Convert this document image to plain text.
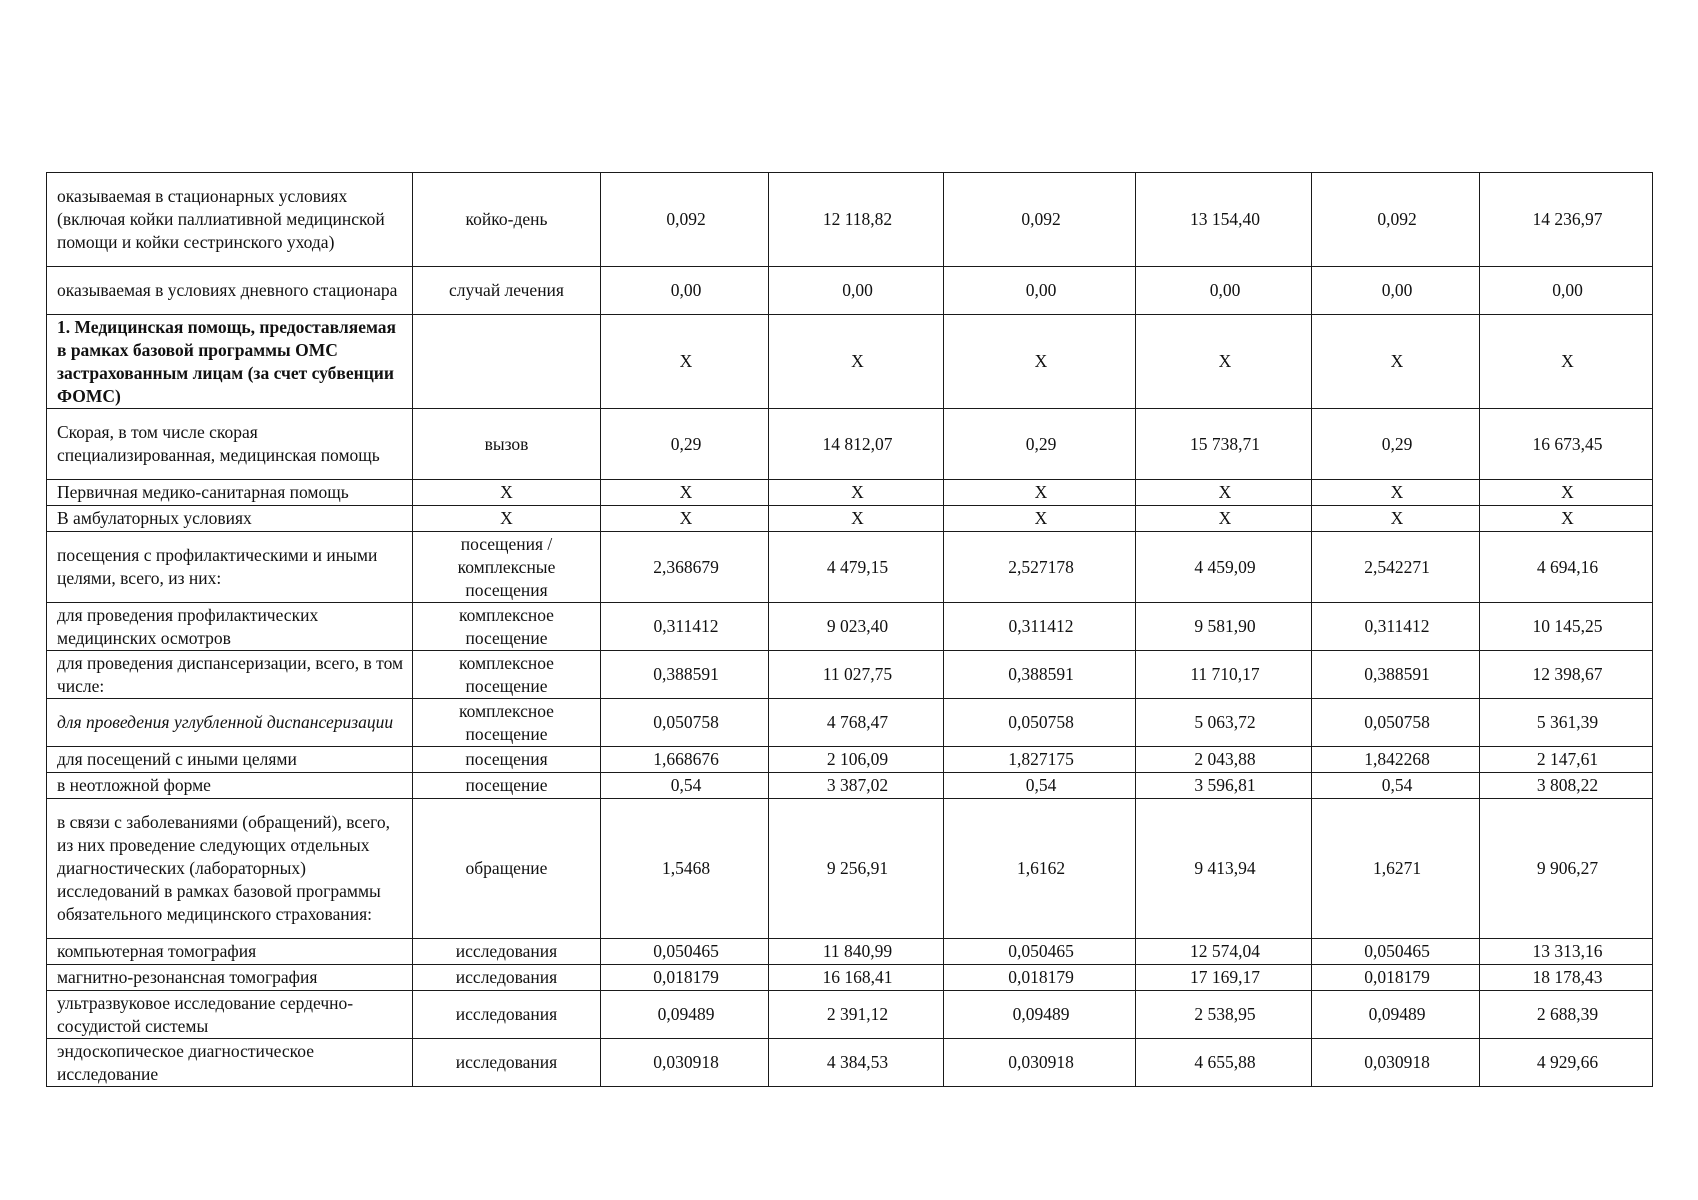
оказываемая в стационарных условиях (включая койки паллиативной медицинской помощи и койки сестринского ухода)	койко-день	0,092	12 118,82	0,092	13 154,40	0,092	14 236,97
оказываемая в условиях дневного стационара	случай лечения	0,00	0,00	0,00	0,00	0,00	0,00
1. Медицинская помощь, предоставляемая в рамках базовой программы ОМС застрахованным лицам (за счет субвенции ФОМС)		X	X	X	X	X	X
Скорая, в том числе скорая специализированная, медицинская помощь	вызов	0,29	14 812,07	0,29	15 738,71	0,29	16 673,45
Первичная медико-санитарная помощь	X	X	X	X	X	X	X
В амбулаторных условиях	X	X	X	X	X	X	X
посещения с профилактическими и иными целями, всего, из них:	посещения / комплексные посещения	2,368679	4 479,15	2,527178	4 459,09	2,542271	4 694,16
для проведения профилактических медицинских осмотров	комплексное посещение	0,311412	9 023,40	0,311412	9 581,90	0,311412	10 145,25
для проведения диспансеризации, всего, в том числе:	комплексное посещение	0,388591	11 027,75	0,388591	11 710,17	0,388591	12 398,67
для проведения углубленной диспансеризации	комплексное посещение	0,050758	4 768,47	0,050758	5 063,72	0,050758	5 361,39
для посещений с иными целями	посещения	1,668676	2 106,09	1,827175	2 043,88	1,842268	2 147,61
в неотложной форме	посещение	0,54	3 387,02	0,54	3 596,81	0,54	3 808,22
в связи с заболеваниями (обращений), всего, из них проведение следующих отдельных диагностических (лабораторных) исследований в рамках базовой программы обязательного медицинского страхования:	обращение	1,5468	9 256,91	1,6162	9 413,94	1,6271	9 906,27
компьютерная томография	исследования	0,050465	11 840,99	0,050465	12 574,04	0,050465	13 313,16
магнитно-резонансная томография	исследования	0,018179	16 168,41	0,018179	17 169,17	0,018179	18 178,43
ультразвуковое исследование сердечно-сосудистой системы	исследования	0,09489	2 391,12	0,09489	2 538,95	0,09489	2 688,39
эндоскопическое диагностическое исследование	исследования	0,030918	4 384,53	0,030918	4 655,88	0,030918	4 929,66
